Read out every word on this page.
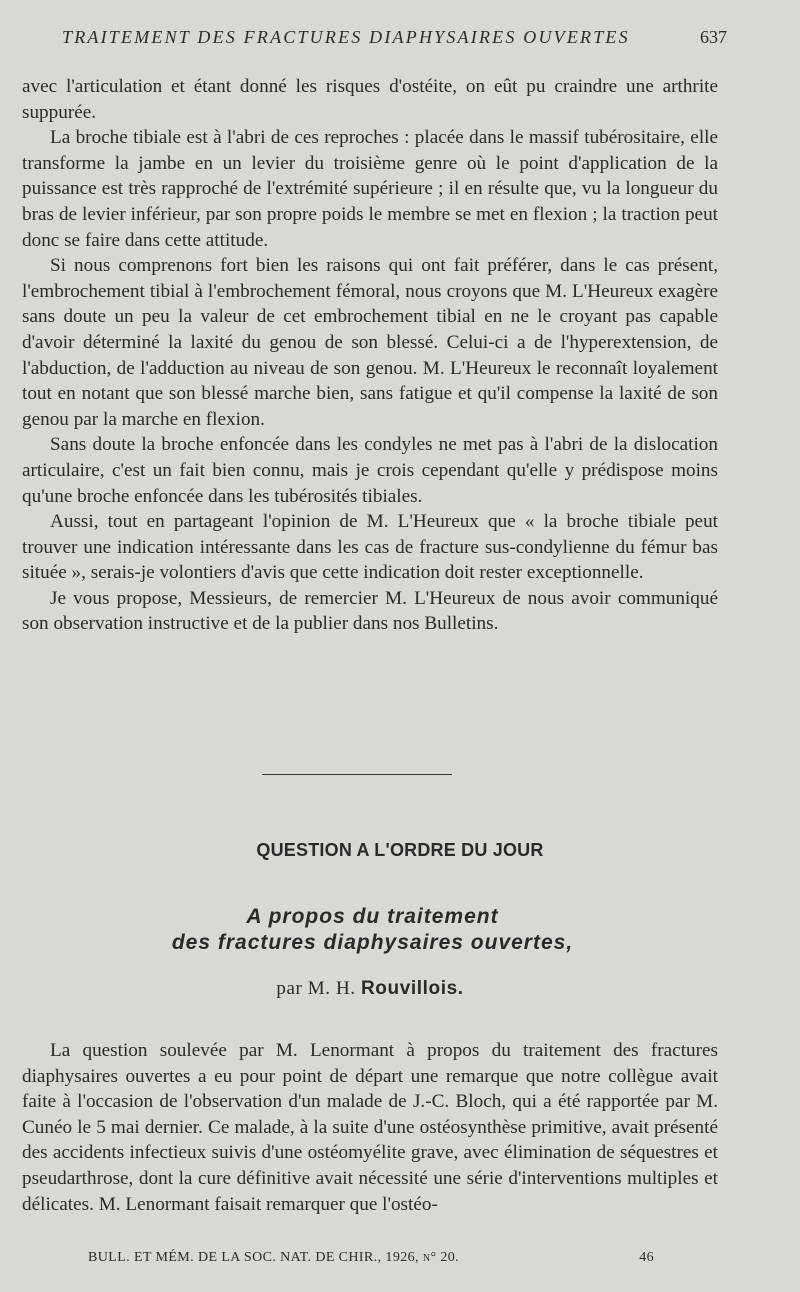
TRAITEMENT DES FRACTURES DIAPHYSAIRES OUVERTES	637

avec l'articulation et étant donné les risques d'ostéite, on eût pu craindre une arthrite suppurée.

La broche tibiale est à l'abri de ces reproches : placée dans le massif tubérositaire, elle transforme la jambe en un levier du troisième genre où le point d'application de la puissance est très rapproché de l'extrémité supérieure ; il en résulte que, vu la longueur du bras de levier inférieur, par son propre poids le membre se met en flexion ; la traction peut donc se faire dans cette attitude.

Si nous comprenons fort bien les raisons qui ont fait préférer, dans le cas présent, l'embrochement tibial à l'embrochement fémoral, nous croyons que M. L'Heureux exagère sans doute un peu la valeur de cet embrochement tibial en ne le croyant pas capable d'avoir déterminé la laxité du genou de son blessé. Celui-ci a de l'hyperextension, de l'abduction, de l'adduction au niveau de son genou. M. L'Heureux le reconnaît loyalement tout en notant que son blessé marche bien, sans fatigue et qu'il compense la laxité de son genou par la marche en flexion.

Sans doute la broche enfoncée dans les condyles ne met pas à l'abri de la dislocation articulaire, c'est un fait bien connu, mais je crois cependant qu'elle y prédispose moins qu'une broche enfoncée dans les tubérosités tibiales.

Aussi, tout en partageant l'opinion de M. L'Heureux que « la broche tibiale peut trouver une indication intéressante dans les cas de fracture sus-condylienne du fémur bas située », serais-je volontiers d'avis que cette indication doit rester exceptionnelle.

Je vous propose, Messieurs, de remercier M. L'Heureux de nous avoir communiqué son observation instructive et de la publier dans nos Bulletins.

QUESTION A L'ORDRE DU JOUR
A propos du traitement
des fractures diaphysaires ouvertes,
par M. H. Rouvillois.

La question soulevée par M. Lenormant à propos du traitement des fractures diaphysaires ouvertes a eu pour point de départ une remarque que notre collègue avait faite à l'occasion de l'observation d'un malade de J.-C. Bloch, qui a été rapportée par M. Cunéo le 5 mai dernier. Ce malade, à la suite d'une ostéosynthèse primitive, avait présenté des accidents infectieux suivis d'une ostéomyélite grave, avec élimination de séquestres et pseudarthrose, dont la cure définitive avait nécessité une série d'interventions multiples et délicates. M. Lenormant faisait remarquer que l'ostéo-

BULL. ET MÉM. DE LA SOC. NAT. DE CHIR., 1926, n° 20.	46
